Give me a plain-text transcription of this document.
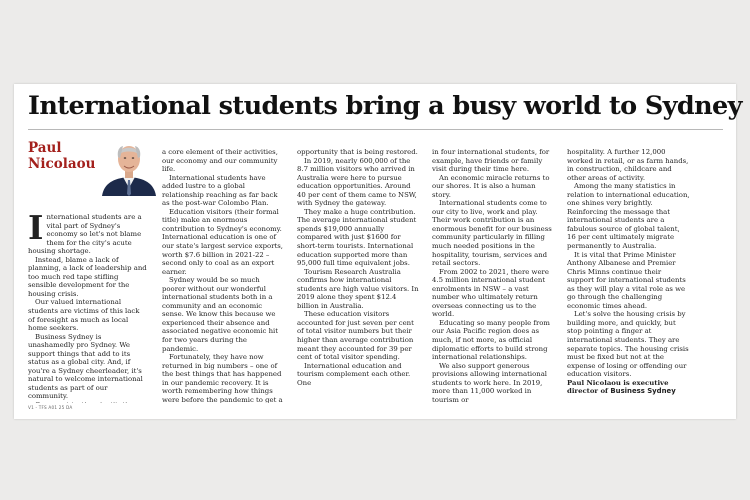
International students bring a busy world to Sydney

Paul
Nicolaou

I nternational students are a vital part of Sydney's economy so let's not blame them for the city's acute housing shortage.

Instead, blame a lack of planning, a lack of leadership and too much red tape stifling sensible development for the housing crisis.

Our valued international students are victims of this lack of foresight as much as local home seekers.

Business Sydney is unashamedly pro Sydney. We support things that add to its status as a global city. And, if you're a Sydney cheerleader, it's natural to welcome international students as part of our community.

a core element of their activities, our economy and our community life.

International students have added lustre to a global relationship reaching as far back as the post-war Colombo Plan.

Education visitors (their formal title) make an enormous contribution to Sydney's economy. International education is one of our state's largest service exports, worth $7.6 billion in 2021-22 – second only to coal as an export earner.

Sydney would be so much poorer without our wonderful international students both in a community and an economic sense. We know this because we experienced their absence and associated negative economic hit for two years during the pandemic.

Fortunately, they have now returned in big numbers – one of the best things that has happened in our pandemic recovery. It is worth remembering how things were before the pandemic to get a

opportunity that is being restored.

In 2019, nearly 600,000 of the 8.7 million visitors who arrived in Australia were here to pursue education opportunities. Around 40 per cent of them came to NSW, with Sydney the gateway.

They make a huge contribution. The average international student spends $19,000 annually compared with just $1600 for short-term tourists. International education supported more than 95,000 full time equivalent jobs.

Tourism Research Australia confirms how international students are high value visitors. In 2019 alone they spent $12.4 billion in Australia.

These education visitors accounted for just seven per cent of total visitor numbers but their higher than average contribution meant they accounted for 39 per cent of total visitor spending.

International education and tourism complement each other. One

in four international students, for example, have friends or family visit during their time here.

An economic miracle returns to our shores. It is also a human story.

International students come to our city to live, work and play. Their work contribution is an enormous benefit for our business community particularly in filling much needed positions in the hospitality, tourism, services and retail sectors.

From 2002 to 2021, there were 4.5 million international student enrolments in NSW – a vast number who ultimately return overseas connecting us to the world.

Educating so many people from our Asia Pacific region does as much, if not more, as official diplomatic efforts to build strong international relationships.

We also support generous provisions allowing international students to work here. In 2019, more than 11,000 worked in tourism or

hospitality. A further 12,000 worked in retail, or as farm hands, in construction, childcare and other areas of activity.

Among the many statistics in relation to international education, one shines very brightly. Reinforcing the message that international students are a fabulous source of global talent, 16 per cent ultimately migrate permanently to Australia.

It is vital that Prime Minister Anthony Albanese and Premier Chris Minns continue their support for international students as they will play a vital role as we go through the challenging economic times ahead.

Let's solve the housing crisis by building more, and quickly, but stop pointing a finger at international students. They are separate topics. The housing crisis must be fixed but not at the expense of losing or offending our education visitors.

Paul Nicolaou is executive director of Business Sydney

V1 - TFS A01 25 DA
